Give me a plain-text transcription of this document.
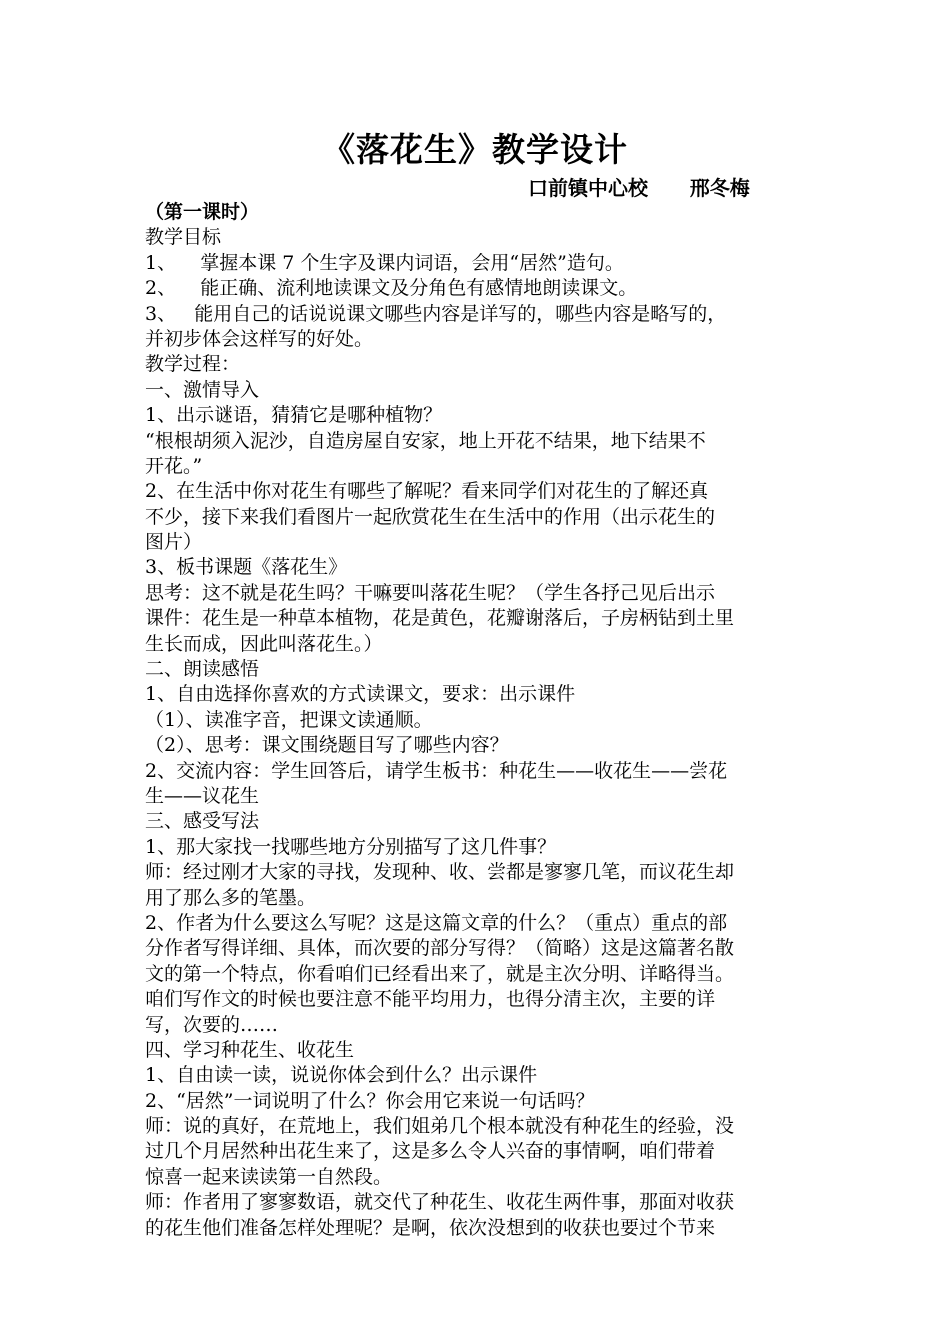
《落花生》教学设计
口前镇中心校      邢冬梅
（第一课时）
教学目标
1、    掌握本课 7 个生字及课内词语，会用“居然”造句。
2、    能正确、流利地读课文及分角色有感情地朗读课文。
3、   能用自己的话说说课文哪些内容是详写的，哪些内容是略写的，
并初步体会这样写的好处。
教学过程：
一、激情导入
1、出示谜语，猜猜它是哪种植物？
“根根胡须入泥沙，自造房屋自安家，地上开花不结果，地下结果不
开花。”
2、在生活中你对花生有哪些了解呢？看来同学们对花生的了解还真
不少，接下来我们看图片一起欣赏花生在生活中的作用（出示花生的
图片）
3、板书课题《落花生》
思考：这不就是花生吗？干嘛要叫落花生呢？（学生各抒己见后出示
课件：花生是一种草本植物，花是黄色，花瓣谢落后，子房柄钻到土里
生长而成，因此叫落花生。）
二、朗读感悟
1、自由选择你喜欢的方式读课文，要求：出示课件
（1）、读准字音，把课文读通顺。
（2）、思考：课文围绕题目写了哪些内容？
2、交流内容：学生回答后，请学生板书：种花生——收花生——尝花
生——议花生
三、感受写法
1、那大家找一找哪些地方分别描写了这几件事？
师：经过刚才大家的寻找，发现种、收、尝都是寥寥几笔，而议花生却
用了那么多的笔墨。
2、作者为什么要这么写呢？这是这篇文章的什么？（重点）重点的部
分作者写得详细、具体，而次要的部分写得？（简略）这是这篇著名散
文的第一个特点，你看咱们已经看出来了，就是主次分明、详略得当。
咱们写作文的时候也要注意不能平均用力，也得分清主次，主要的详
写，次要的……
四、学习种花生、收花生
1、自由读一读，说说你体会到什么？出示课件
2、“居然”一词说明了什么？你会用它来说一句话吗？
师：说的真好，在荒地上，我们姐弟几个根本就没有种花生的经验，没
过几个月居然种出花生来了，这是多么令人兴奋的事情啊，咱们带着
惊喜一起来读读第一自然段。
师：作者用了寥寥数语，就交代了种花生、收花生两件事，那面对收获
的花生他们准备怎样处理呢？是啊，依次没想到的收获也要过个节来
